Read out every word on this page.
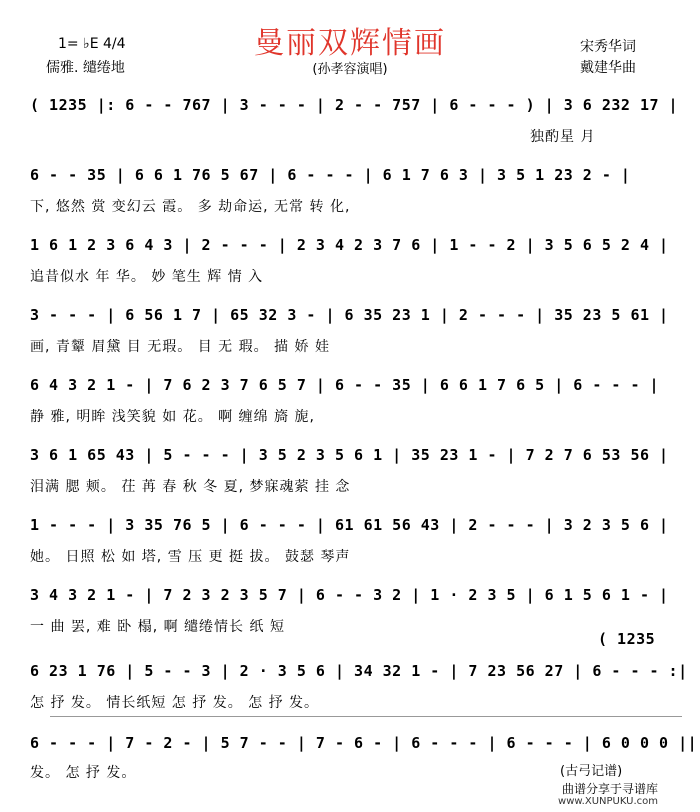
1= ♭E 4/4
儒雅. 缱绻地
曼丽双辉情画
(孙孝容演唱)
宋秀华词
戴建华曲
( 1235 |: 6 - - 767 | 3 - - - | 2 - - 757 | 6 - - - ) | 3 6 232 17 |
独酌星 月
6 - - 35 | 6 6 1 76 5 67 | 6 - - - | 6 1 7 6 3 | 3 5 1 23 2 - |
下, 悠然 赏 变幻云 霞。 多 劫命运, 无常 转 化,
1 6 1 2 3 6 4 3 | 2 - - - | 2 3 4 2 3 7 6 | 1 - - 2 | 3 5 6 5 2 4 |
追昔似水 年 华。 妙 笔生 辉 情 入
3 - - - | 6 56 1 7 | 65 32 3 - | 6 35 23 1 | 2 - - - | 35 23 5 61 |
画, 青颦 眉黛 目 无瑕。 目 无 瑕。 描 娇 娃
6 4 3 2 1 - | 7 6 2 3 7 6 5 7 | 6 - - 35 | 6 6 1 7 6 5 | 6 - - - |
静 雅, 明眸 浅笑貌 如 花。 啊 缠绵 旖 旎,
3 6 1 65 43 | 5 - - - | 3 5 2 3 5 6 1 | 35 23 1 - | 7 2 7 6 53 56 |
泪满 腮 颊。 茌 苒 春 秋 冬 夏, 梦寐魂萦 挂 念
1 - - - | 3 35 76 5 | 6 - - - | 61 61 56 43 | 2 - - - | 3 2 3 5 6 |
她。 日照 松 如 塔, 雪 压 更 挺 拔。 鼓瑟 琴声
3 4 3 2 1 - | 7 2 3 2 3 5 7 | 6 - - 3 2 | 1 · 2 3 5 | 6 1 5 6 1 - |
一 曲 罢, 难 卧 榻, 啊 缱绻情长 纸 短
( 1235
6 23 1 76 | 5 - - 3 | 2 · 3 5 6 | 34 32 1 - | 7 23 56 27 | 6 - - - :|
怎 抒 发。 情长纸短 怎 抒 发。 怎 抒 发。
6 - - - | 7 - 2 - | 5 7 - - | 7 - 6 - | 6 - - - | 6 - - - | 6 0 0 0 ||
发。 怎 抒 发。	(古弓记谱)
曲谱分享于寻谱库
www.XUNPUKU.com
